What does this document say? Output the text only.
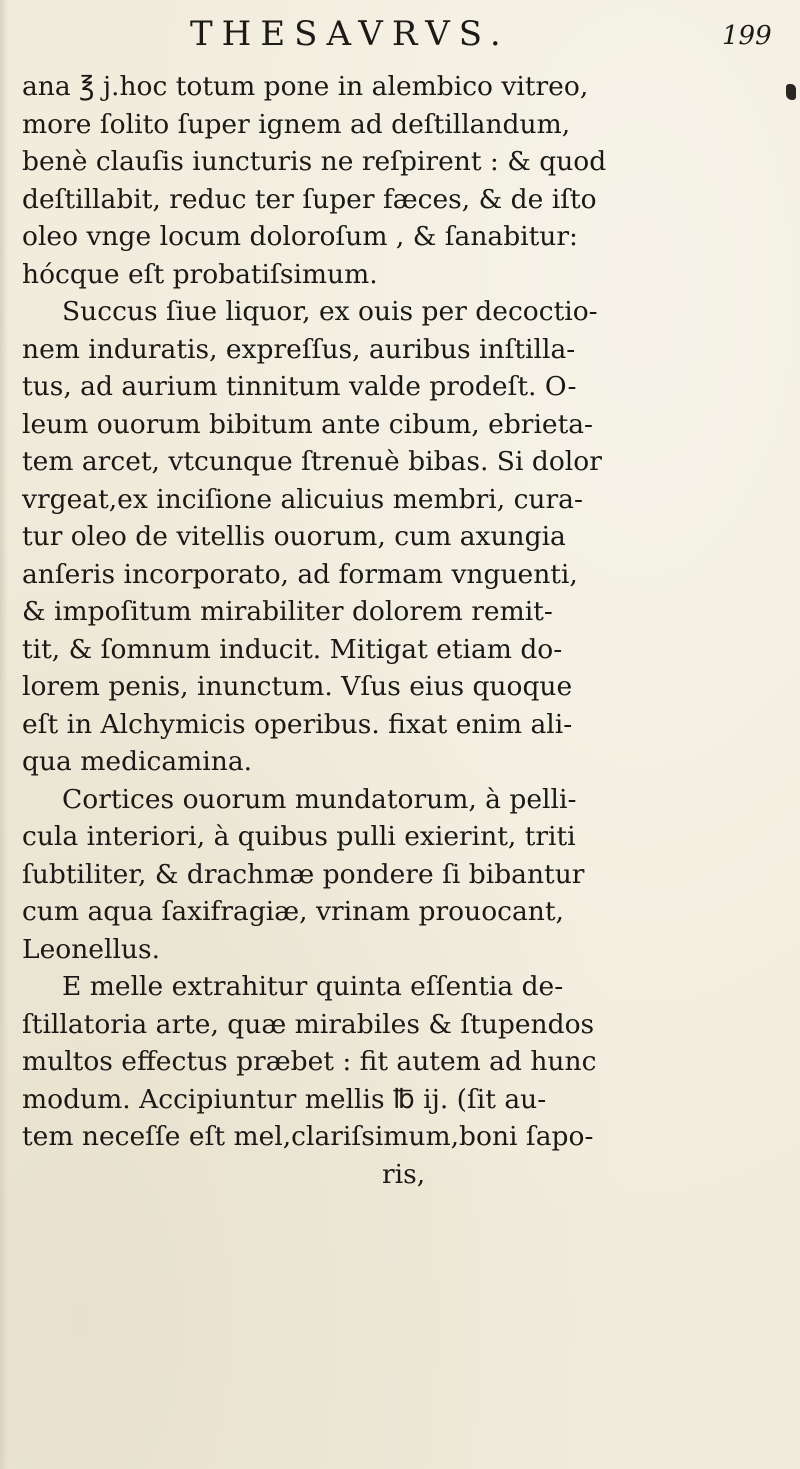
THESAVRVS.	199
ana ℥ j.hoc totum pone in alembico vitreo,
more ſolito ſuper ignem ad deſtillandum,
benè clauſis iuncturis ne reſpirent : & quod
deſtillabit, reduc ter ſuper fæces, & de iſto
oleo vnge locum doloroſum , & ſanabitur:
hócque eſt probatiſsimum.
Succus ſiue liquor, ex ouis per decoctio-
nem induratis, expreſſus, auribus inſtilla-
tus, ad aurium tinnitum valde prodeſt. O-
leum ouorum bibitum ante cibum, ebrieta-
tem arcet, vtcunque ſtrenuè bibas. Si dolor
vrgeat,ex inciſione alicuius membri, cura-
tur oleo de vitellis ouorum, cum axungia
anſeris incorporato, ad formam vnguenti,
& impoſitum mirabiliter dolorem remit-
tit, & ſomnum inducit. Mitigat etiam do-
lorem penis, inunctum. Vſus eius quoque
eſt in Alchymicis operibus. fixat enim ali-
qua medicamina.
Cortices ouorum mundatorum, à pelli-
cula interiori, à quibus pulli exierint, triti
ſubtiliter, & drachmæ pondere ſi bibantur
cum aqua ſaxifragiæ, vrinam prouocant,
Leonellus.
E melle extrahitur quinta eſſentia de-
ſtillatoria arte, quæ mirabiles & ſtupendos
multos effectus præbet : fit autem ad hunc
modum. Accipiuntur mellis ℔ ij. (ſit au-
tem neceſſe eſt mel,clariſsimum,boni ſapo-
ris,
